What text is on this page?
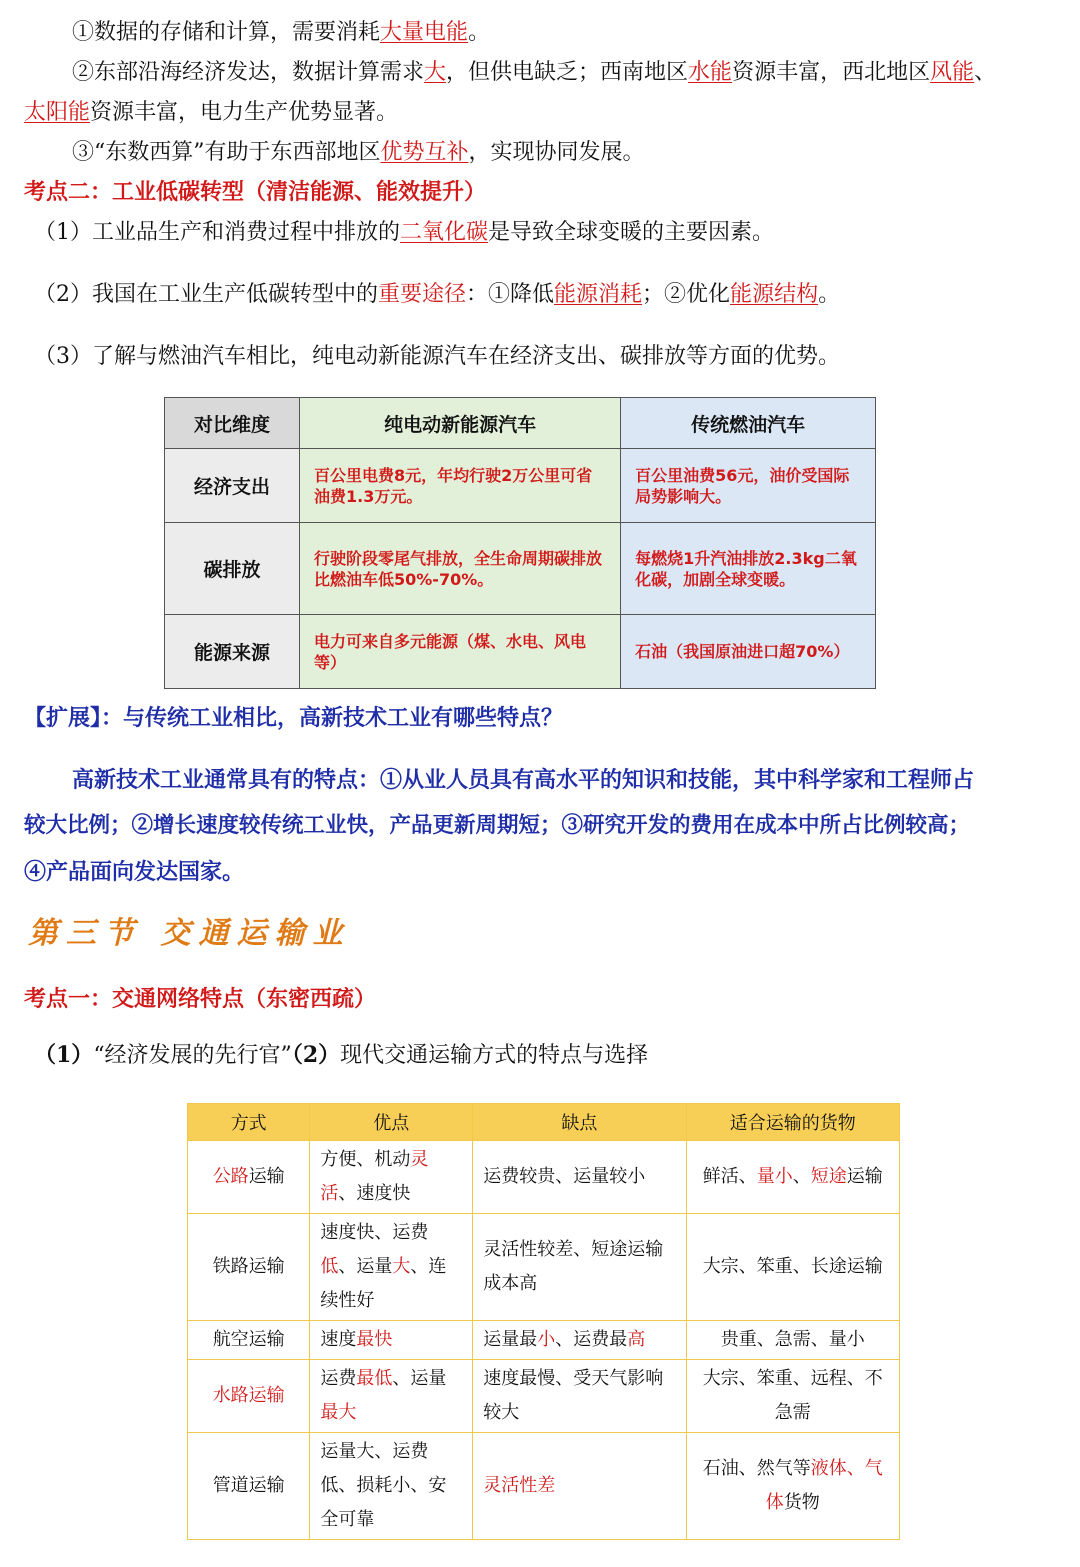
①数据的存储和计算，需要消耗大量电能。
②东部沿海经济发达，数据计算需求大，但供电缺乏；西南地区水能资源丰富，西北地区风能、
太阳能资源丰富，电力生产优势显著。
③“东数西算”有助于东西部地区优势互补，实现协同发展。
考点二：工业低碳转型（清洁能源、能效提升）
（1）工业品生产和消费过程中排放的二氧化碳是导致全球变暖的主要因素。
（2）我国在工业生产低碳转型中的重要途径：①降低能源消耗；②优化能源结构。
（3）了解与燃油汽车相比，纯电动新能源汽车在经济支出、碳排放等方面的优势。
对比维度	纯电动新能源汽车	传统燃油汽车
经济支出	百公里电费8元，年均行驶2万公里可省油费1.3万元。	百公里油费56元，油价受国际局势影响大。
碳排放	行驶阶段零尾气排放，全生命周期碳排放比燃油车低50%-70%。	每燃烧1升汽油排放2.3kg二氧化碳，加剧全球变暖。
能源来源	电力可来自多元能源（煤、水电、风电等）	石油（我国原油进口超70%）
【扩展】：与传统工业相比，高新技术工业有哪些特点？
高新技术工业通常具有的特点：①从业人员具有高水平的知识和技能，其中科学家和工程师占
较大比例；②增长速度较传统工业快，产品更新周期短；③研究开发的费用在成本中所占比例较高；
④产品面向发达国家。
第三节 交通运输业
考点一：交通网络特点（东密西疏）
（1）“经济发展的先行官”（2）现代交通运输方式的特点与选择
方式	优点	缺点	适合运输的货物
公路运输	方便、机动灵活、速度快	运费较贵、运量较小	鲜活、量小、短途运输
铁路运输	速度快、运费低、运量大、连续性好	灵活性较差、短途运输成本高	大宗、笨重、长途运输
航空运输	速度最快	运量最小、运费最高	贵重、急需、量小
水路运输	运费最低、运量最大	速度最慢、受天气影响较大	大宗、笨重、远程、不急需
管道运输	运量大、运费低、损耗小、安全可靠	灵活性差	石油、然气等液体、气体货物
